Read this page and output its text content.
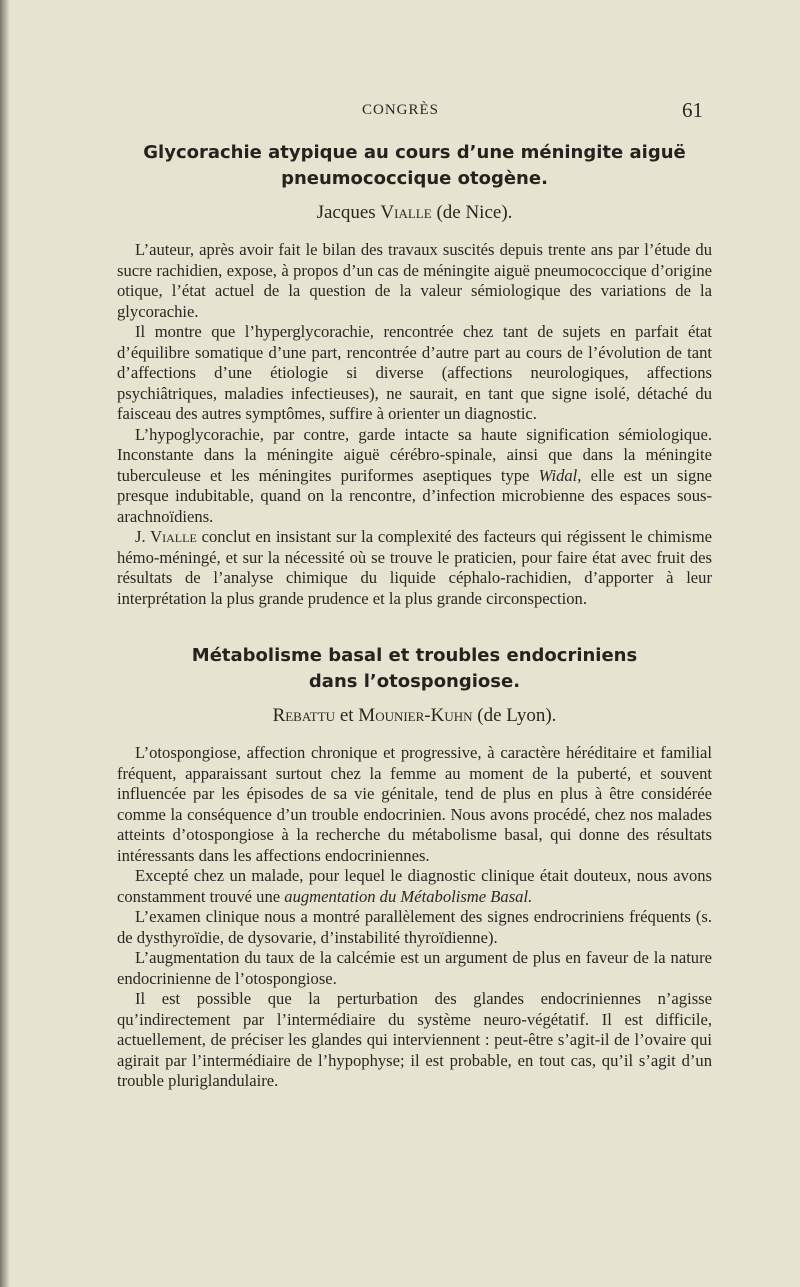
CONGRÈS	61
Glycorachie atypique au cours d’une méningite aiguë
pneumococcique otogène.
Jacques Vialle (de Nice).

L’auteur, après avoir fait le bilan des travaux suscités depuis trente ans par l’étude du sucre rachidien, expose, à propos d’un cas de méningite aiguë pneumococcique d’origine otique, l’état actuel de la question de la valeur sémiologique des variations de la glycorachie.

Il montre que l’hyperglycorachie, rencontrée chez tant de sujets en parfait état d’équilibre somatique d’une part, rencontrée d’autre part au cours de l’évolution de tant d’affections d’une étiologie si diverse (affections neurologiques, affections psychiâtriques, maladies infectieuses), ne saurait, en tant que signe isolé, détaché du faisceau des autres symptômes, suffire à orienter un diagnostic.

L’hypoglycorachie, par contre, garde intacte sa haute signification sémiologique. Inconstante dans la méningite aiguë cérébro-spinale, ainsi que dans la méningite tuberculeuse et les méningites puriformes aseptiques type Widal, elle est un signe presque indubitable, quand on la rencontre, d’infection microbienne des espaces sous-arachnoïdiens.

J. Vialle conclut en insistant sur la complexité des facteurs qui régissent le chimisme hémo-méningé, et sur la nécessité où se trouve le praticien, pour faire état avec fruit des résultats de l’analyse chimique du liquide céphalo-rachidien, d’apporter à leur interprétation la plus grande prudence et la plus grande circonspection.

Métabolisme basal et troubles endocriniens
dans l’otospongiose.
Rebattu et Mounier-Kuhn (de Lyon).

L’otospongiose, affection chronique et progressive, à caractère héréditaire et familial fréquent, apparaissant surtout chez la femme au moment de la puberté, et souvent influencée par les épisodes de sa vie génitale, tend de plus en plus à être considérée comme la conséquence d’un trouble endocrinien. Nous avons procédé, chez nos malades atteints d’otospongiose à la recherche du métabolisme basal, qui donne des résultats intéressants dans les affections endocriniennes.

Excepté chez un malade, pour lequel le diagnostic clinique était douteux, nous avons constamment trouvé une augmentation du Métabolisme Basal.

L’examen clinique nous a montré parallèlement des signes endrocriniens fréquents (s. de dysthyroïdie, de dysovarie, d’instabilité thyroïdienne).

L’augmentation du taux de la calcémie est un argument de plus en faveur de la nature endocrinienne de l’otospongiose.

Il est possible que la perturbation des glandes endocriniennes n’agisse qu’indirectement par l’intermédiaire du système neuro-végétatif. Il est difficile, actuellement, de préciser les glandes qui interviennent : peut-être s’agit-il de l’ovaire qui agirait par l’intermédiaire de l’hypophyse; il est probable, en tout cas, qu’il s’agit d’un trouble pluriglandulaire.
